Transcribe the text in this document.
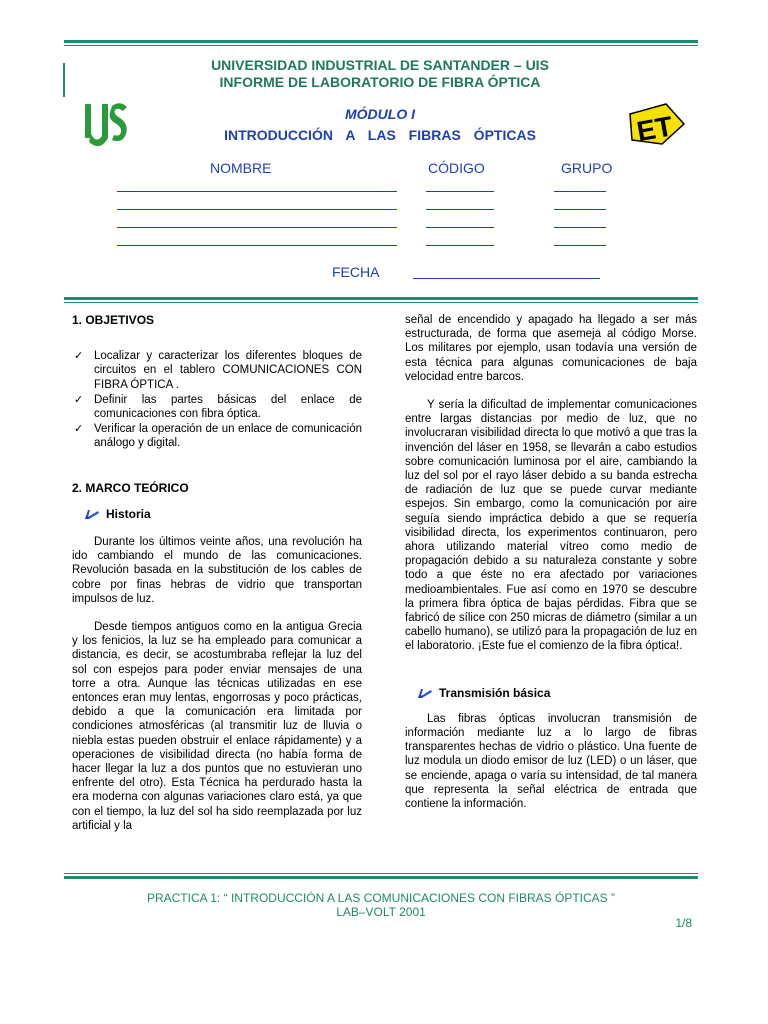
UIS
ET
UNIVERSIDAD INDUSTRIAL DE SANTANDER – UIS
INFORME DE LABORATORIO DE FIBRA ÓPTICA
MÓDULO I
INTRODUCCIÓN A LAS FIBRAS ÓPTICAS
NOMBRE	CÓDIGO	GRUPO
FECHA

1. OBJETIVOS

✓ Localizar y caracterizar los diferentes bloques de circuitos en el tablero COMUNICACIONES CON FIBRA ÓPTICA .
✓ Definir las partes básicas del enlace de comunicaciones con fibra óptica.
✓ Verificar la operación de un enlace de comunicación análogo y digital.

2. MARCO TEÓRICO

Historia

Durante los últimos veinte años, una revolución ha ido cambiando el mundo de las comunicaciones. Revolución basada en la substitución de los cables de cobre por finas hebras de vidrio que transportan impulsos de luz.

Desde tiempos antiguos como en la antigua Grecia y los fenicios, la luz se ha empleado para comunicar a distancia, es decir, se acostumbraba reflejar la luz del sol con espejos para poder enviar mensajes de una torre a otra. Aunque las técnicas utilizadas en ese entonces eran muy lentas, engorrosas y poco prácticas, debido a que la comunicación era limitada por condiciones atmosféricas (al transmitir luz de lluvia o niebla estas pueden obstruir el enlace rápidamente) y a operaciones de visibilidad directa (no había forma de hacer llegar la luz a dos puntos que no estuvieran uno enfrente del otro). Esta Técnica ha perdurado hasta la era moderna con algunas variaciones claro está, ya que con el tiempo, la luz del sol ha sido reemplazada por luz artificial y la

señal de encendido y apagado ha llegado a ser más estructurada, de forma que asemeja al código Morse. Los militares por ejemplo, usan todavía una versión de esta técnica para algunas comunicaciones de baja velocidad entre barcos.

Y sería la dificultad de implementar comunicaciones entre largas distancias por medio de luz, que no involucraran visibilidad directa lo que motivó a que tras la invención del láser en 1958, se llevarán a cabo estudios sobre comunicación luminosa por el aire, cambiando la luz del sol por el rayo láser debido a su banda estrecha de radiación de luz que se puede curvar mediante espejos. Sin embargo, como la comunicación por aire seguía siendo impráctica debido a que se requería visibilidad directa, los experimentos continuaron, pero ahora utilizando material vítreo como medio de propagación debido a su naturaleza constante y sobre todo a que éste no era afectado por variaciones medioambientales. Fue así como en 1970 se descubre la primera fibra óptica de bajas pérdidas. Fibra que se fabricó de sílice con 250 micras de diámetro (similar a un cabello humano), se utilizó para la propagación de luz en el laboratorio. ¡Este fue el comienzo de la fibra óptica!.

Transmisión básica

Las fibras ópticas involucran transmisión de información mediante luz a lo largo de fibras transparentes hechas de vidrio o plástico. Una fuente de luz modula un diodo emisor de luz (LED) o un láser, que se enciende, apaga o varía su intensidad, de tal manera que representa la señal eléctrica de entrada que contiene la información.

PRACTICA 1: “ INTRODUCCIÓN A LAS COMUNICACIONES CON FIBRAS ÓPTICAS ”
LAB–VOLT 2001
1/8
